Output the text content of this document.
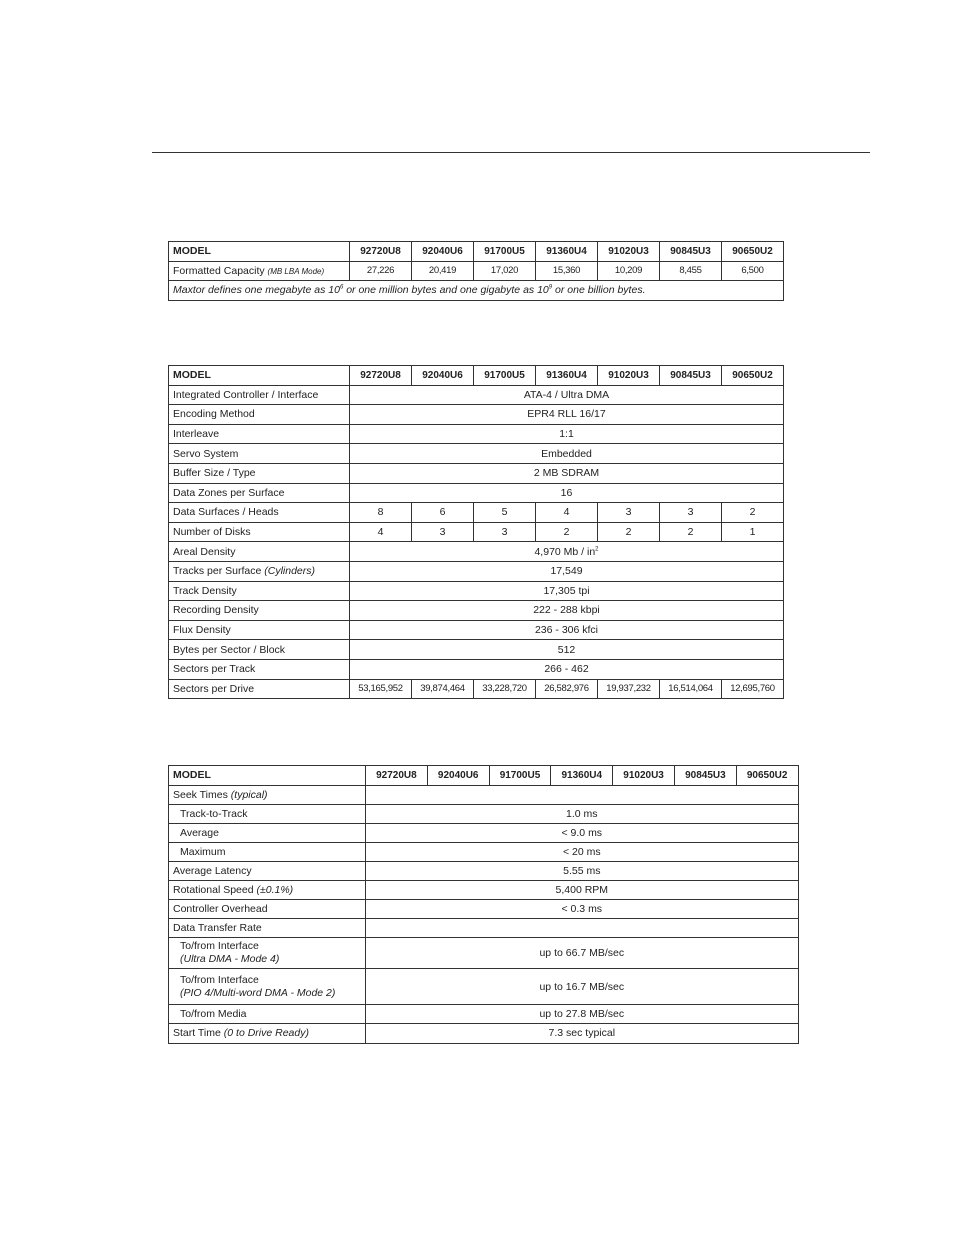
MODEL	92720U8	92040U6	91700U5	91360U4	91020U3	90845U3	90650U2
Formatted Capacity (MB LBA Mode)	27,226	20,419	17,020	15,360	10,209	8,455	6,500
Maxtor defines one megabyte as $10^6$ or one million bytes and one gigabyte as $10^9$ or one billion bytes.							
MODEL	92720U8	92040U6	91700U5	91360U4	91020U3	90845U3	90650U2
Integrated Controller / Interface	ATA-4 / Ultra DMA						
Encoding Method	EPR4 RLL 16/17						
Interleave	1:1						
Servo System	Embedded						
Buffer Size / Type	2 MB SDRAM						
Data Zones per Surface	16						
Data Surfaces / Heads	8	6	5	4	3	3	2
Number of Disks	4	3	3	2	2	2	1
Areal Density	4,970 Mb / $in^2$
Tracks per Surface (Cylinders)	17,549						
Track Density	17,305 tpi						
Recording Density	222 - 288 kbpi						
Flux Density	236 - 306 kfci						
Bytes per Sector / Block	512						
Sectors per Track	266 - 462						
Sectors per Drive	53,165,952	39,874,464	33,228,720	26,582,976	19,937,232	16,514,064	12,695,760
MODEL	92720U8	92040U6	91700U5	91360U4	91020U3	90845U3	90650U2
Seek Times (typical)							
Track-to-Track	1.0 ms						
Average	< 9.0 ms						
Maximum	< 20 ms						
Average Latency	5.55 ms						
Rotational Speed (±0.1%)	5,400 RPM						
Controller Overhead	< 0.3 ms						
Data Transfer Rate							
To/from Interface
(Ultra DMA - Mode 4)	up to 66.7 MB/sec						
To/from Interface
(PIO 4/Multi-word DMA - Mode 2)	up to 16.7 MB/sec						
To/from Media	up to 27.8 MB/sec						
Start Time (0 to Drive Ready)	7.3 sec typical						
